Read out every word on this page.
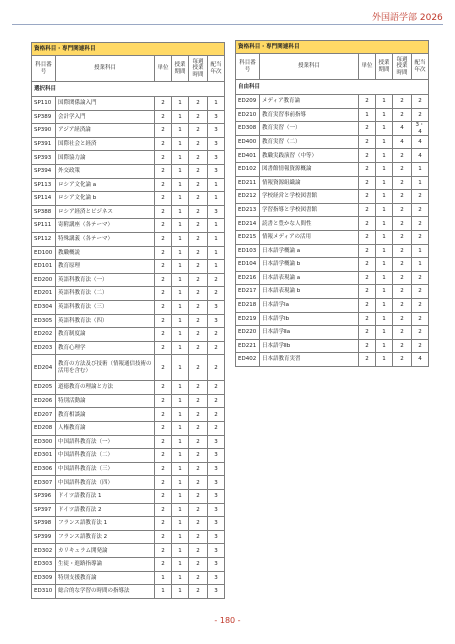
外国語学部 2026
資格科目・専門関連科目					
科目番号	授業科目	単位	授業期間	毎週授業時間	配当年次
選択科目					
SP110	国際関係論入門	2	1	2	1
SP389	会計学入門	2	1	2	3
SP390	アジア経済論	2	1	2	3
SP391	国際社会と経済	2	1	2	3
SP393	国際協力論	2	1	2	3
SP394	外交政策	2	1	2	3
SP113	ロシア文化論 a	2	1	2	1
SP114	ロシア文化論 b	2	1	2	1
SP388	ロシア経済とビジネス	2	1	2	3
SP111	寄附講座（各テーマ）	2	1	2	1
SP112	特殊講義（各テーマ）	2	1	2	1
ED100	教職概説	2	1	2	1
ED101	教育原理	2	1	2	1
ED200	英語科教育法（一）	2	1	2	2
ED201	英語科教育法（二）	2	1	2	2
ED304	英語科教育法（三）	2	1	2	3
ED305	英語科教育法（四）	2	1	2	3
ED202	教育制度論	2	1	2	2
ED203	教育心理学	2	1	2	2
ED204	教育の方法及び技術（情報通信技術の活用を含む）	2	1	2	2
ED205	道徳教育の理論と方法	2	1	2	2
ED206	特別活動論	2	1	2	2
ED207	教育相談論	2	1	2	2
ED208	人権教育論	2	1	2	2
ED300	中国語科教育法（一）	2	1	2	3
ED301	中国語科教育法（二）	2	1	2	3
ED306	中国語科教育法（三）	2	1	2	3
ED307	中国語科教育法（四）	2	1	2	3
SP396	ドイツ語教育法 1	2	1	2	3
SP397	ドイツ語教育法 2	2	1	2	3
SP398	フランス語教育法 1	2	1	2	3
SP399	フランス語教育法 2	2	1	2	3
ED302	カリキュラム開発論	2	1	2	3
ED303	生徒・進路指導論	2	1	2	3
ED309	特別支援教育論	1	1	2	3
ED310	総合的な学習の時間の指導法	1	1	2	3
資格科目・専門関連科目					
科目番号	授業科目	単位	授業期間	毎週授業時間	配当年次
自由科目					
ED209	メディア教育論	2	1	2	2
ED210	教育実習事前指導	1	1	2	2
ED308	教育実習（一）	2	1	4	3・4
ED400	教育実習（二）	2	1	4	4
ED401	教職実践演習（中等）	2	1	2	4
ED102	図書館情報資源概論	2	1	2	1
ED211	情報資源組織論	2	1	2	1
ED212	学校経営と学校図書館	2	1	2	2
ED213	学習指導と学校図書館	2	1	2	2
ED214	読書と豊かな人間性	2	1	2	2
ED215	情報メディアの活用	2	1	2	2
ED103	日本語学概論 a	2	1	2	1
ED104	日本語学概論 b	2	1	2	1
ED216	日本語表現論 a	2	1	2	2
ED217	日本語表現論 b	2	1	2	2
ED218	日本語学Ⅰa	2	1	2	2
ED219	日本語学Ⅰb	2	1	2	2
ED220	日本語学Ⅱa	2	1	2	2
ED221	日本語学Ⅱb	2	1	2	2
ED402	日本語教育実習	2	1	2	4
- 180 -
